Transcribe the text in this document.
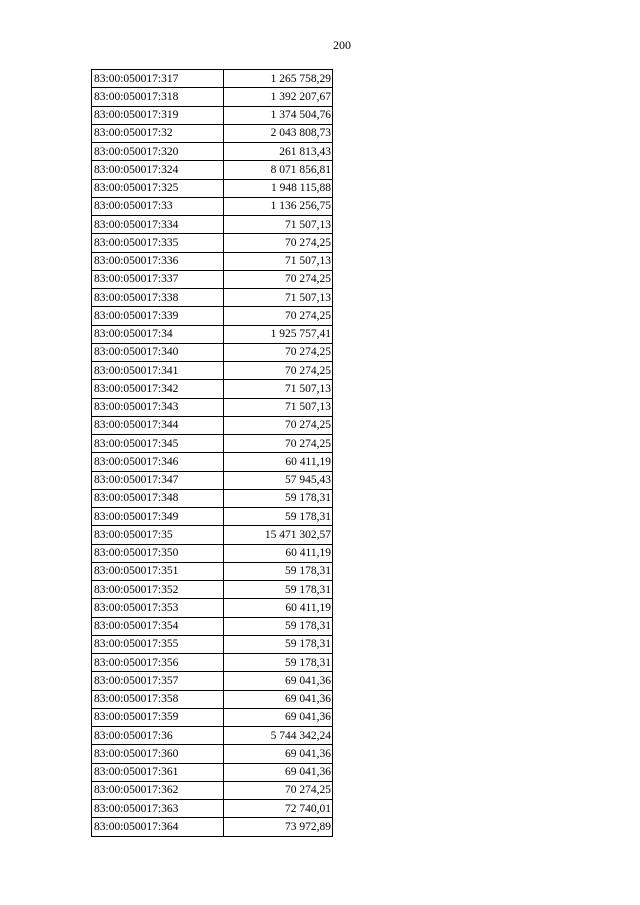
200
83:00:050017:317	1 265 758,29
83:00:050017:318	1 392 207,67
83:00:050017:319	1 374 504,76
83:00:050017:32	2 043 808,73
83:00:050017:320	261 813,43
83:00:050017:324	8 071 856,81
83:00:050017:325	1 948 115,88
83:00:050017:33	1 136 256,75
83:00:050017:334	71 507,13
83:00:050017:335	70 274,25
83:00:050017:336	71 507,13
83:00:050017:337	70 274,25
83:00:050017:338	71 507,13
83:00:050017:339	70 274,25
83:00:050017:34	1 925 757,41
83:00:050017:340	70 274,25
83:00:050017:341	70 274,25
83:00:050017:342	71 507,13
83:00:050017:343	71 507,13
83:00:050017:344	70 274,25
83:00:050017:345	70 274,25
83:00:050017:346	60 411,19
83:00:050017:347	57 945,43
83:00:050017:348	59 178,31
83:00:050017:349	59 178,31
83:00:050017:35	15 471 302,57
83:00:050017:350	60 411,19
83:00:050017:351	59 178,31
83:00:050017:352	59 178,31
83:00:050017:353	60 411,19
83:00:050017:354	59 178,31
83:00:050017:355	59 178,31
83:00:050017:356	59 178,31
83:00:050017:357	69 041,36
83:00:050017:358	69 041,36
83:00:050017:359	69 041,36
83:00:050017:36	5 744 342,24
83:00:050017:360	69 041,36
83:00:050017:361	69 041,36
83:00:050017:362	70 274,25
83:00:050017:363	72 740,01
83:00:050017:364	73 972,89
